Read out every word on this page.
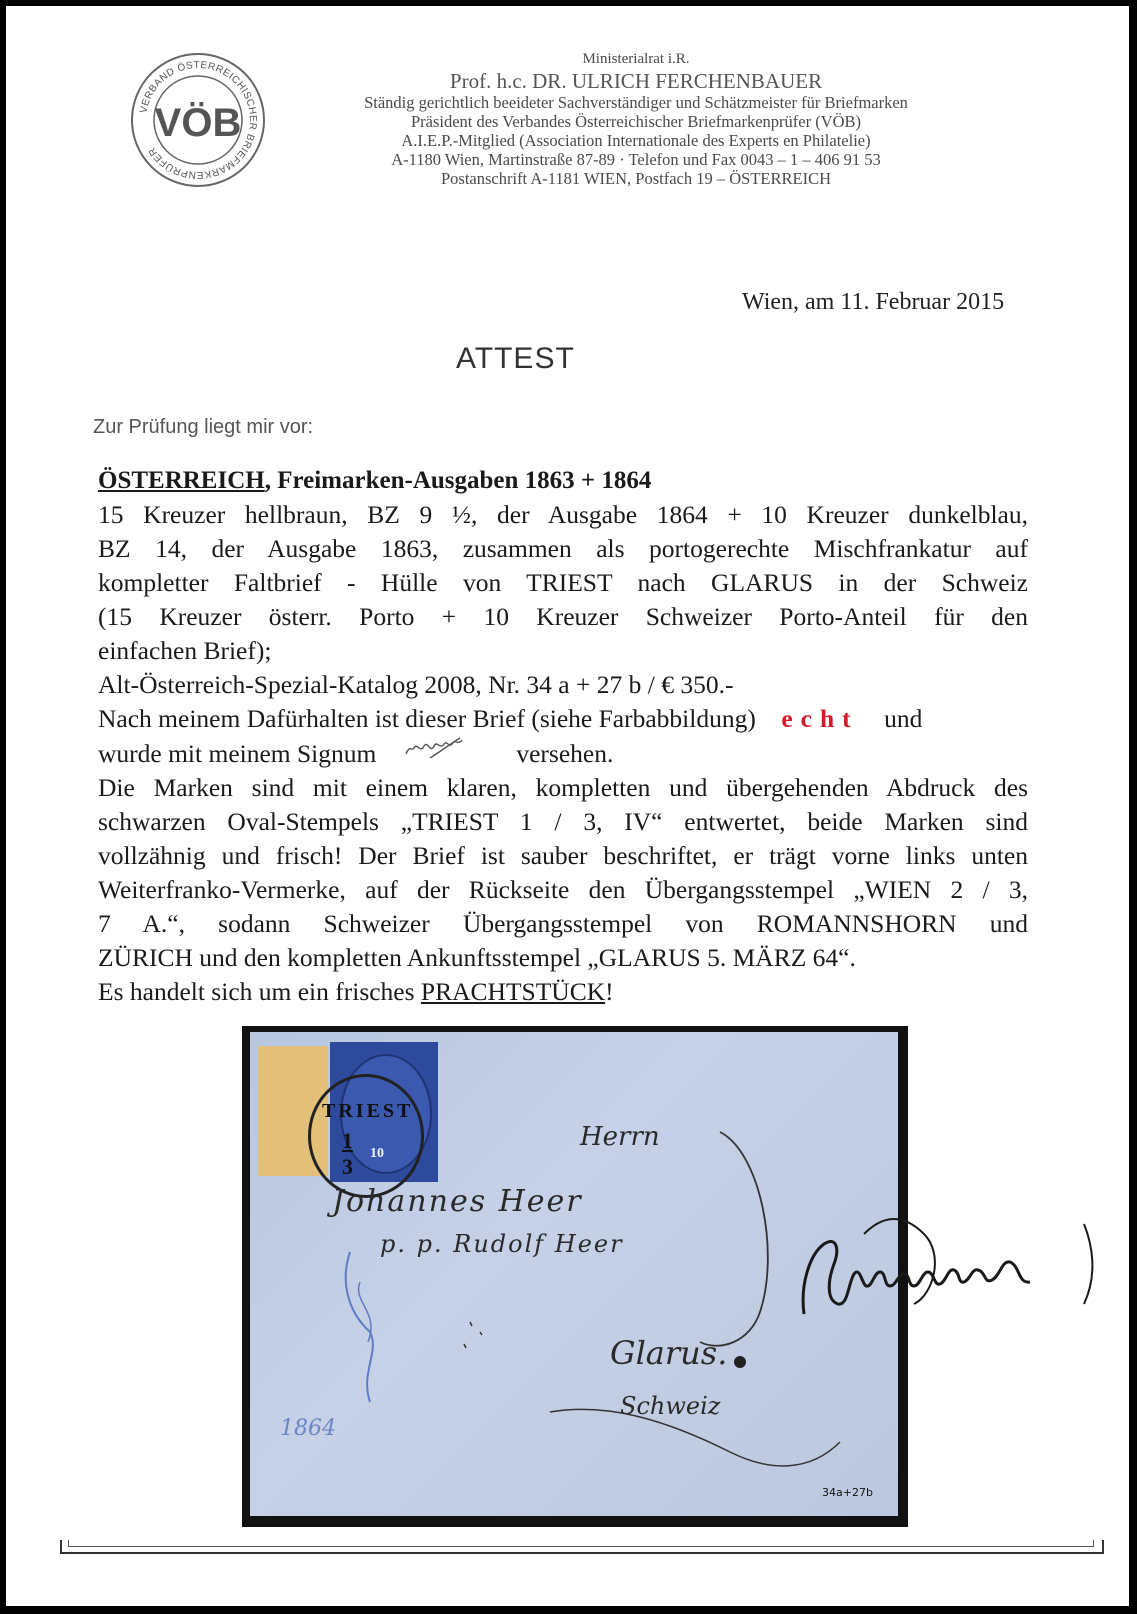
VERBAND ÖSTERREICHISCHER BRIEFMARKENPRÜFER
VÖB
Ministerialrat i.R.
Prof. h.c. DR. ULRICH FERCHENBAUER
Ständig gerichtlich beeideter Sachverständiger und Schätzmeister für Briefmarken
Präsident des Verbandes Österreichischer Briefmarkenprüfer (VÖB)
A.I.E.P.-Mitglied (Association Internationale des Experts en Philatelie)
A-1180 Wien, Martinstraße 87-89 · Telefon und Fax 0043 – 1 – 406 91 53
Postanschrift A-1181 WIEN, Postfach 19 – ÖSTERREICH
Wien, am 11. Februar 2015
ATTEST
Zur Prüfung liegt mir vor:
ÖSTERREICH, Freimarken-Ausgaben 1863 + 1864
15 Kreuzer hellbraun, BZ 9 ½, der Ausgabe 1864 + 10 Kreuzer dunkelblau,
BZ 14, der Ausgabe 1863, zusammen als portogerechte Mischfrankatur auf
kompletter Faltbrief - Hülle von TRIEST nach GLARUS in der Schweiz
(15 Kreuzer österr. Porto + 10 Kreuzer Schweizer Porto-Anteil für den
einfachen Brief);
Alt-Österreich-Spezial-Katalog 2008, Nr. 34 a + 27 b / € 350.-
Nach meinem Dafürhalten ist dieser Brief (siehe Farbabbildung) echt und
wurde mit meinem Signum	versehen.
Die Marken sind mit einem klaren, kompletten und übergehenden Abdruck des
schwarzen Oval-Stempels „TRIEST 1 / 3, IV“ entwertet, beide Marken sind
vollzähnig und frisch! Der Brief ist sauber beschriftet, er trägt vorne links unten
Weiterfranko-Vermerke, auf der Rückseite den Übergangsstempel „WIEN 2 / 3,
7 A.“, sodann Schweizer Übergangsstempel von ROMANNSHORN und
ZÜRICH und den kompletten Ankunftsstempel „GLARUS 5. MÄRZ 64“.
Es handelt sich um ein frisches PRACHTSTÜCK!
10
TRIEST
1
3
Herrn
Johannes Heer
p. p. Rudolf Heer
Glarus.
Schweiz
1864
34a+27b
